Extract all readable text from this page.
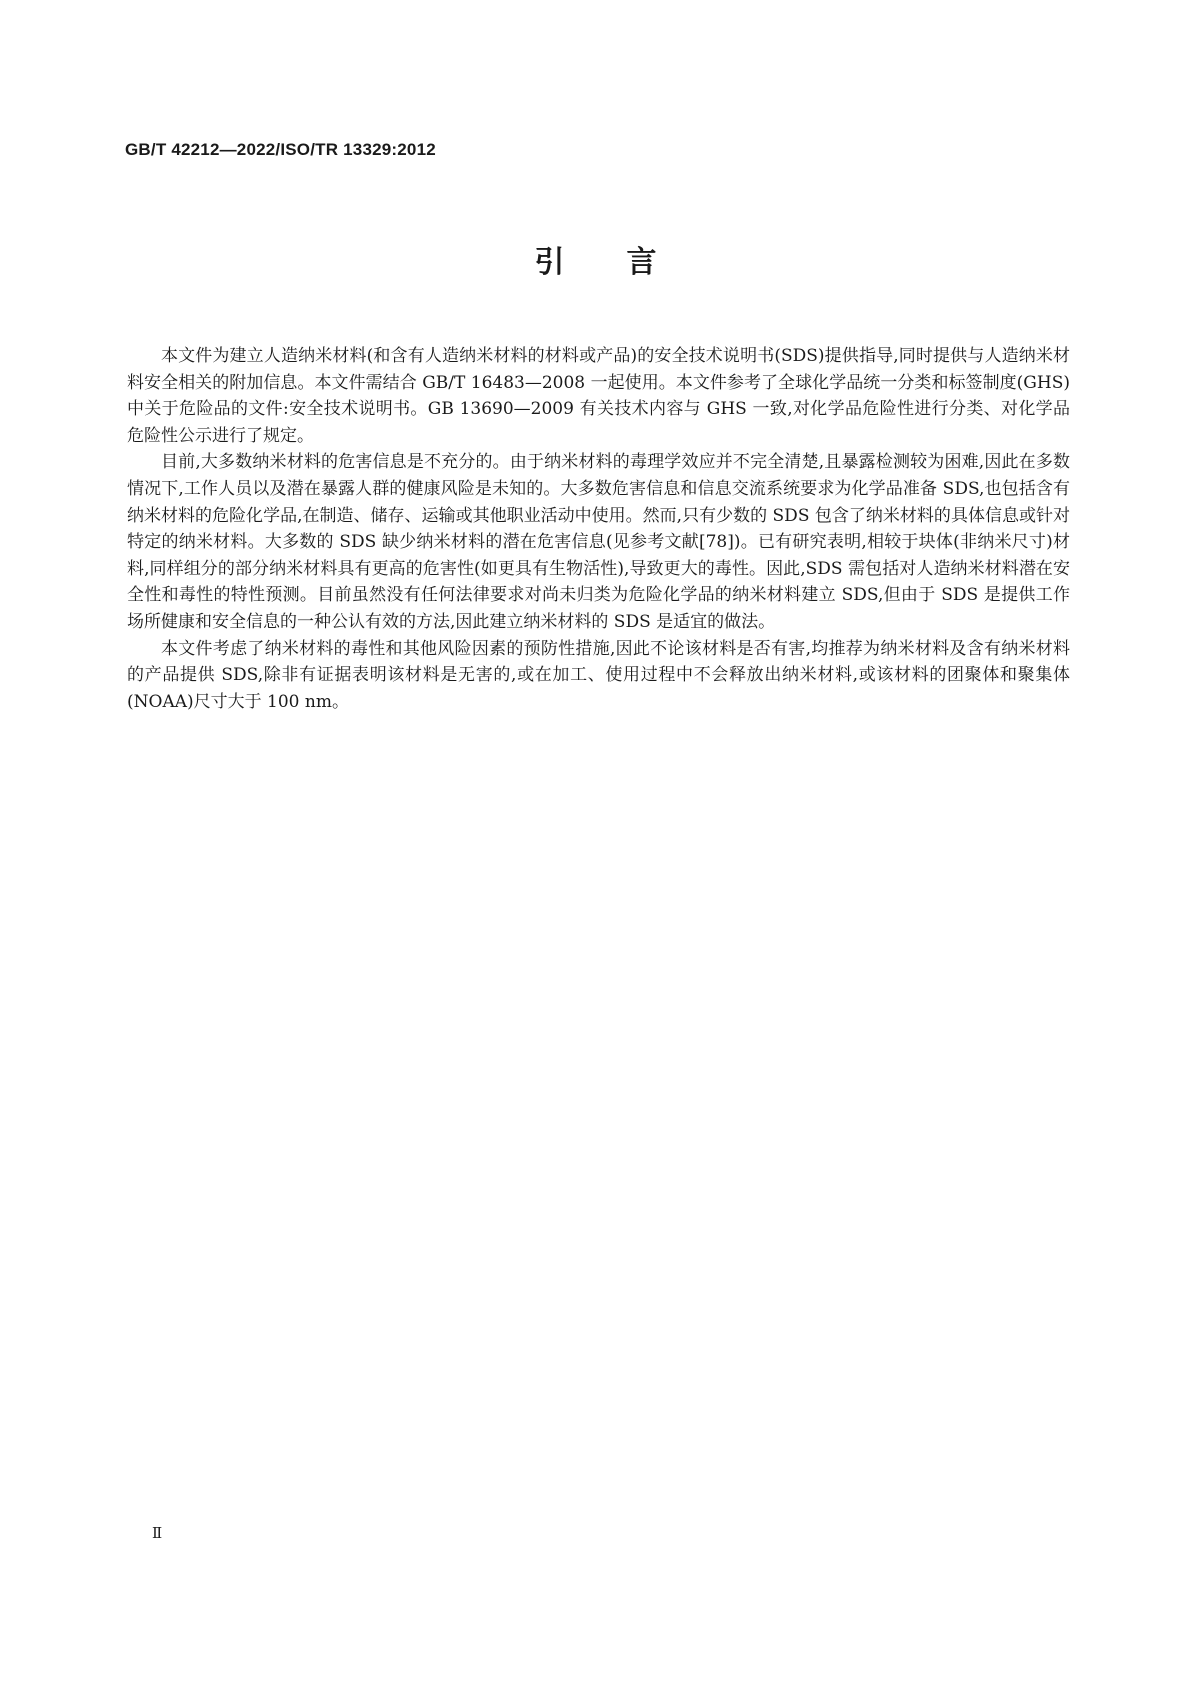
GB/T 42212—2022/ISO/TR 13329:2012
引言

本文件为建立人造纳米材料(和含有人造纳米材料的材料或产品)的安全技术说明书(SDS)提供指导,同时提供与人造纳米材料安全相关的附加信息。本文件需结合 GB/T 16483—2008 一起使用。本文件参考了全球化学品统一分类和标签制度(GHS)中关于危险品的文件:安全技术说明书。GB 13690—2009 有关技术内容与 GHS 一致,对化学品危险性进行分类、对化学品危险性公示进行了规定。

目前,大多数纳米材料的危害信息是不充分的。由于纳米材料的毒理学效应并不完全清楚,且暴露检测较为困难,因此在多数情况下,工作人员以及潜在暴露人群的健康风险是未知的。大多数危害信息和信息交流系统要求为化学品准备 SDS,也包括含有纳米材料的危险化学品,在制造、储存、运输或其他职业活动中使用。然而,只有少数的 SDS 包含了纳米材料的具体信息或针对特定的纳米材料。大多数的 SDS 缺少纳米材料的潜在危害信息(见参考文献[78])。已有研究表明,相较于块体(非纳米尺寸)材料,同样组分的部分纳米材料具有更高的危害性(如更具有生物活性),导致更大的毒性。因此,SDS 需包括对人造纳米材料潜在安全性和毒性的特性预测。目前虽然没有任何法律要求对尚未归类为危险化学品的纳米材料建立 SDS,但由于 SDS 是提供工作场所健康和安全信息的一种公认有效的方法,因此建立纳米材料的 SDS 是适宜的做法。

本文件考虑了纳米材料的毒性和其他风险因素的预防性措施,因此不论该材料是否有害,均推荐为纳米材料及含有纳米材料的产品提供 SDS,除非有证据表明该材料是无害的,或在加工、使用过程中不会释放出纳米材料,或该材料的团聚体和聚集体(NOAA)尺寸大于 100 nm。

Ⅱ
